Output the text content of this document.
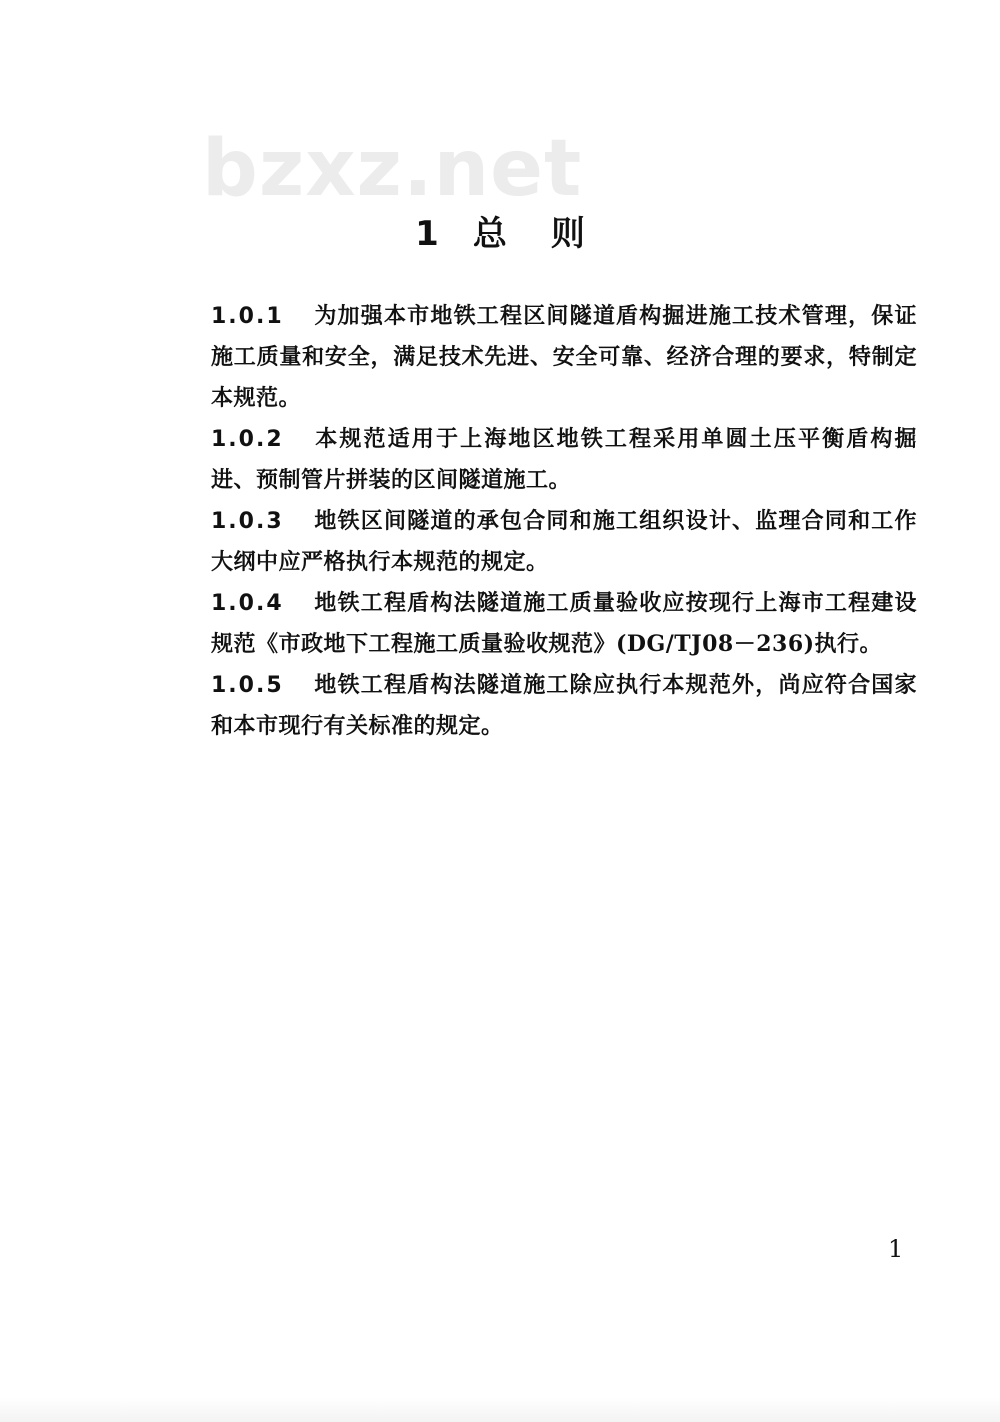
bzxz.net
1 总则

1.0.1 为加强本市地铁工程区间隧道盾构掘进施工技术管理，保证施工质量和安全，满足技术先进、安全可靠、经济合理的要求，特制定本规范。

1.0.2 本规范适用于上海地区地铁工程采用单圆土压平衡盾构掘进、预制管片拼装的区间隧道施工。

1.0.3 地铁区间隧道的承包合同和施工组织设计、监理合同和工作大纲中应严格执行本规范的规定。

1.0.4 地铁工程盾构法隧道施工质量验收应按现行上海市工程建设规范《市政地下工程施工质量验收规范》(DG/TJ08－236)执行。

1.0.5 地铁工程盾构法隧道施工除应执行本规范外，尚应符合国家和本市现行有关标准的规定。

1
